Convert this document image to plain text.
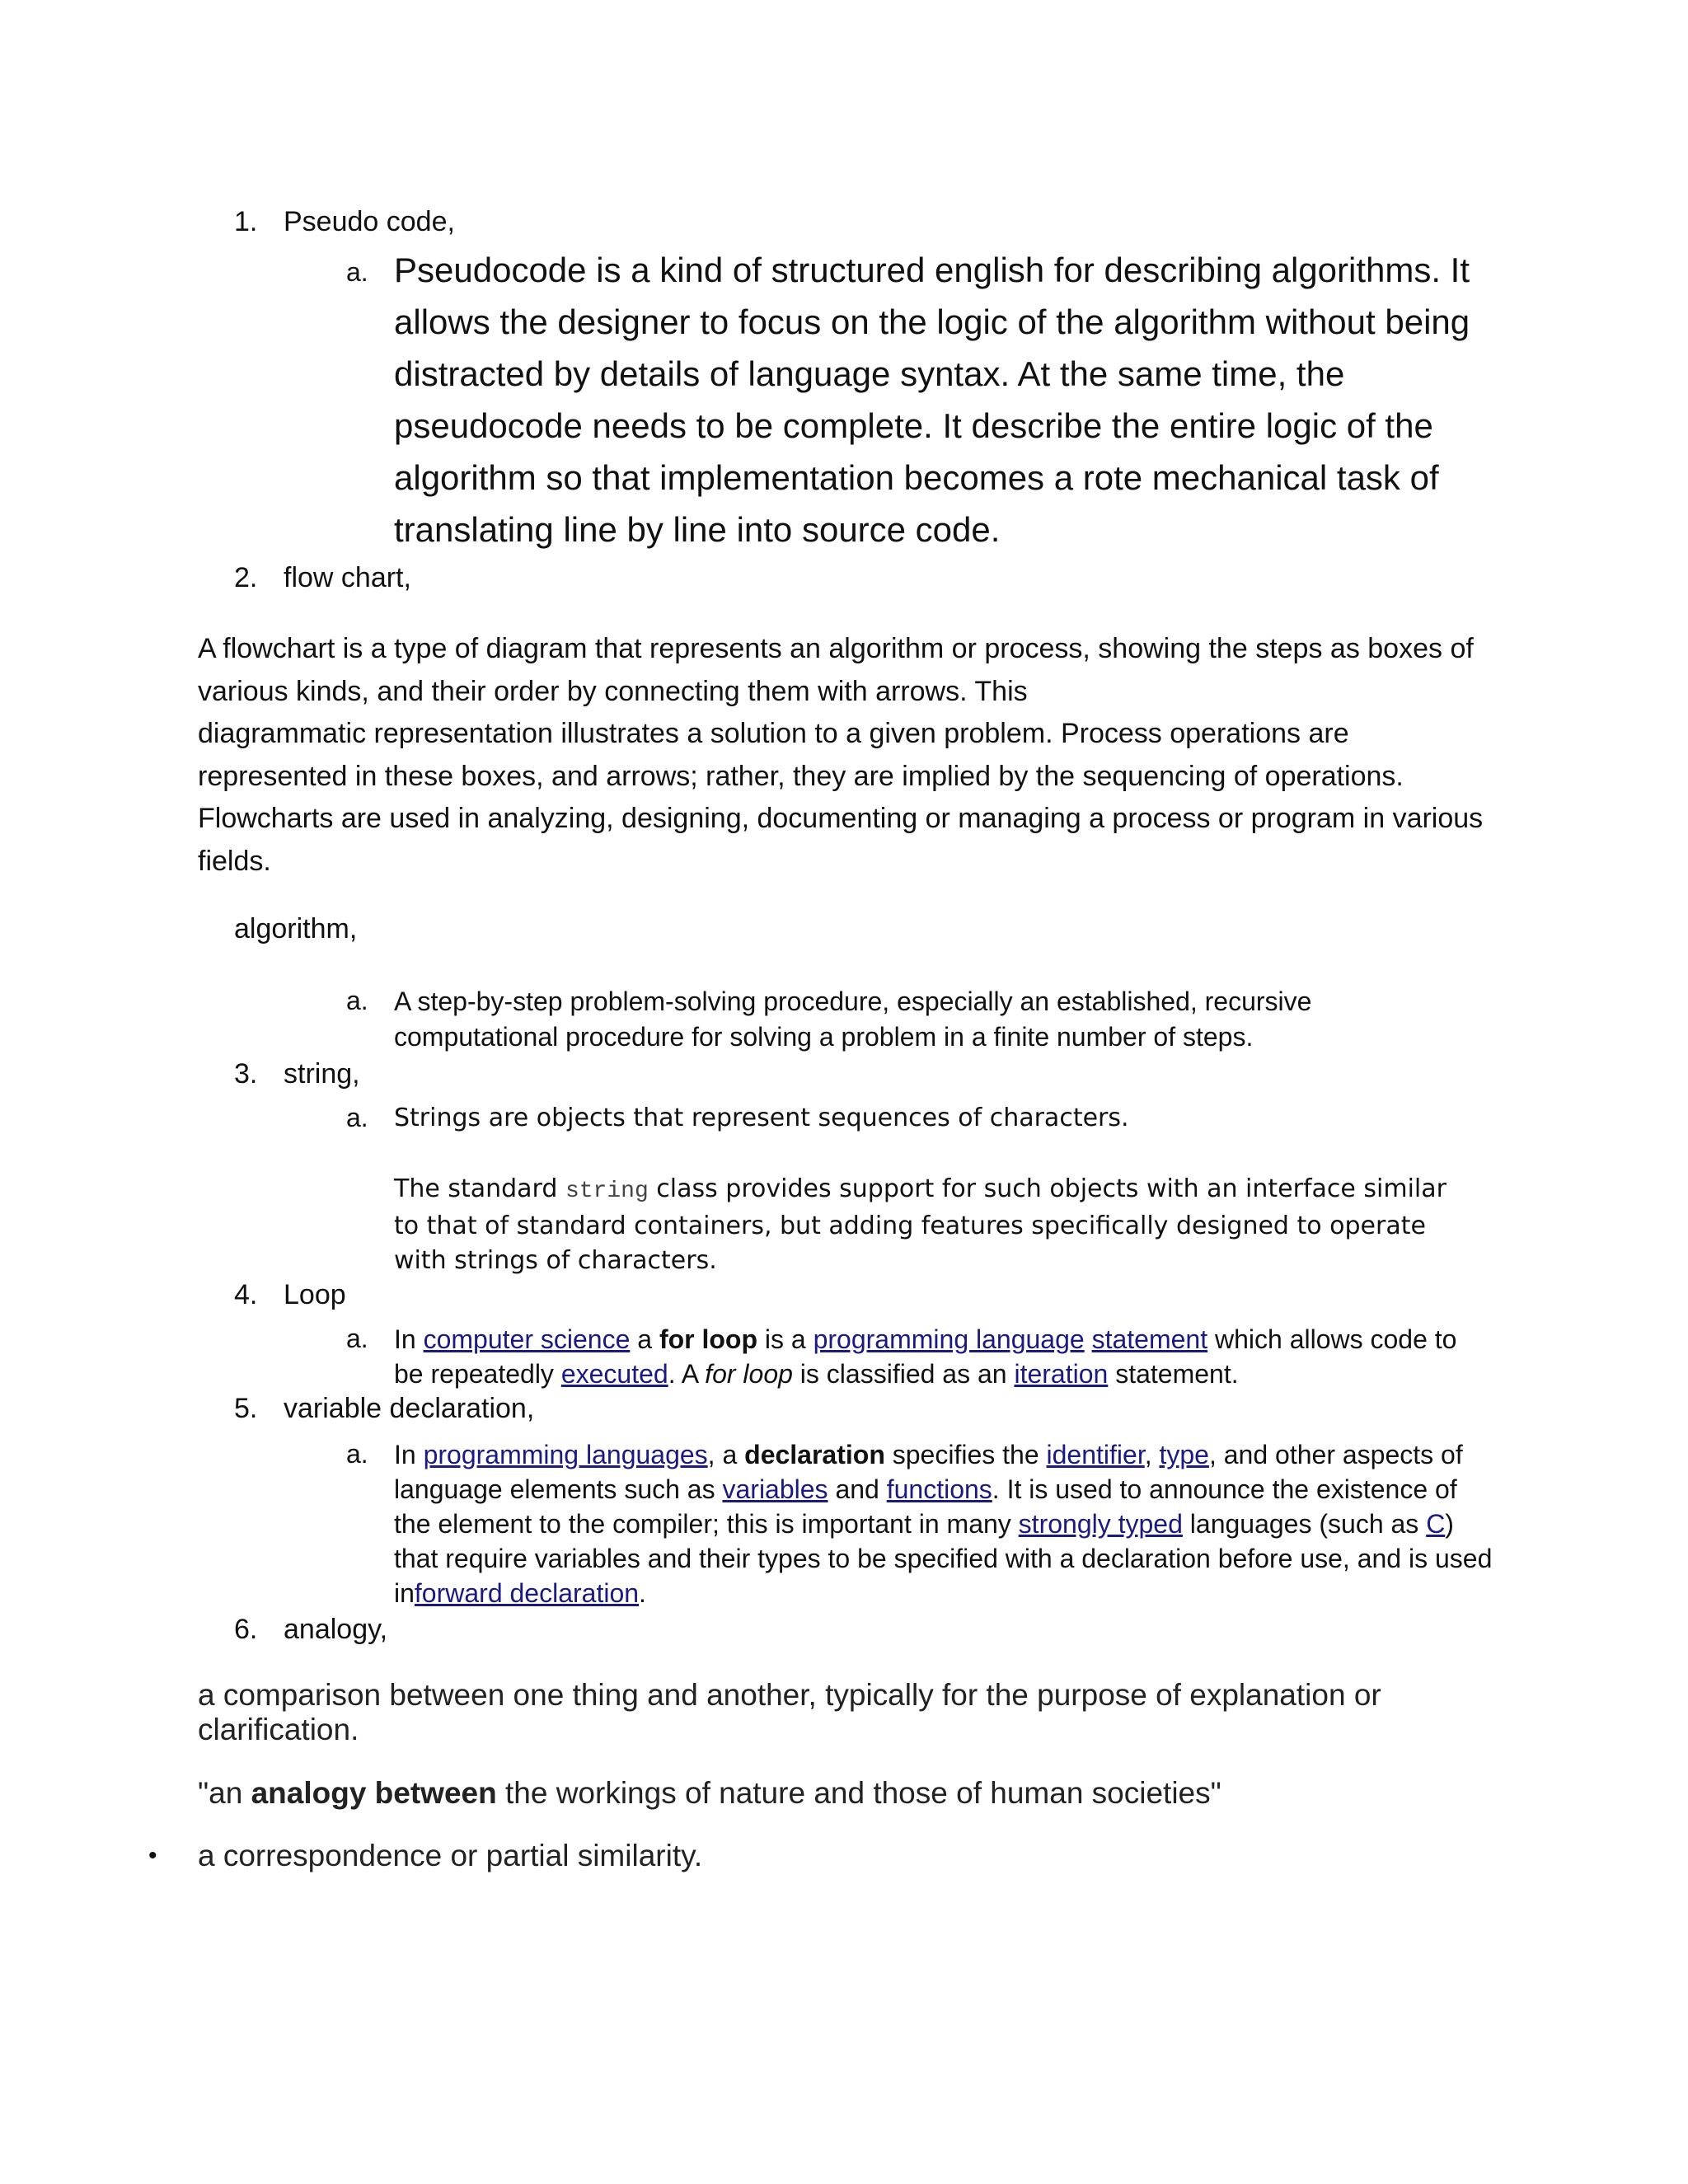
1. Pseudo code,
a. Pseudocode is a kind of structured english for describing algorithms. It
allows the designer to focus on the logic of the algorithm without being
distracted by details of language syntax. At the same time, the
pseudocode needs to be complete. It describe the entire logic of the
algorithm so that implementation becomes a rote mechanical task of
translating line by line into source code.
2. flow chart,
A flowchart is a type of diagram that represents an algorithm or process, showing the steps as boxes of
various kinds, and their order by connecting them with arrows. This
diagrammatic representation illustrates a solution to a given problem. Process operations are
represented in these boxes, and arrows; rather, they are implied by the sequencing of operations.
Flowcharts are used in analyzing, designing, documenting or managing a process or program in various
fields.
algorithm,
a. A step-by-step problem-solving procedure, especially an established, recursive
computational procedure for solving a problem in a finite number of steps.
3. string,
a. Strings are objects that represent sequences of characters.
The standard string class provides support for such objects with an interface similar
to that of standard containers, but adding features specifically designed to operate
with strings of characters.
4. Loop
a. In computer science a for loop is a programming language statement which allows code to
be repeatedly executed. A for loop is classified as an iteration statement.
5. variable declaration,
a. In programming languages, a declaration specifies the identifier, type, and other aspects of
language elements such as variables and functions. It is used to announce the existence of
the element to the compiler; this is important in many strongly typed languages (such as C)
that require variables and their types to be specified with a declaration before use, and is used
inforward declaration.
6. analogy,
a comparison between one thing and another, typically for the purpose of explanation or
clarification.
"an analogy between the workings of nature and those of human societies"
• a correspondence or partial similarity.
